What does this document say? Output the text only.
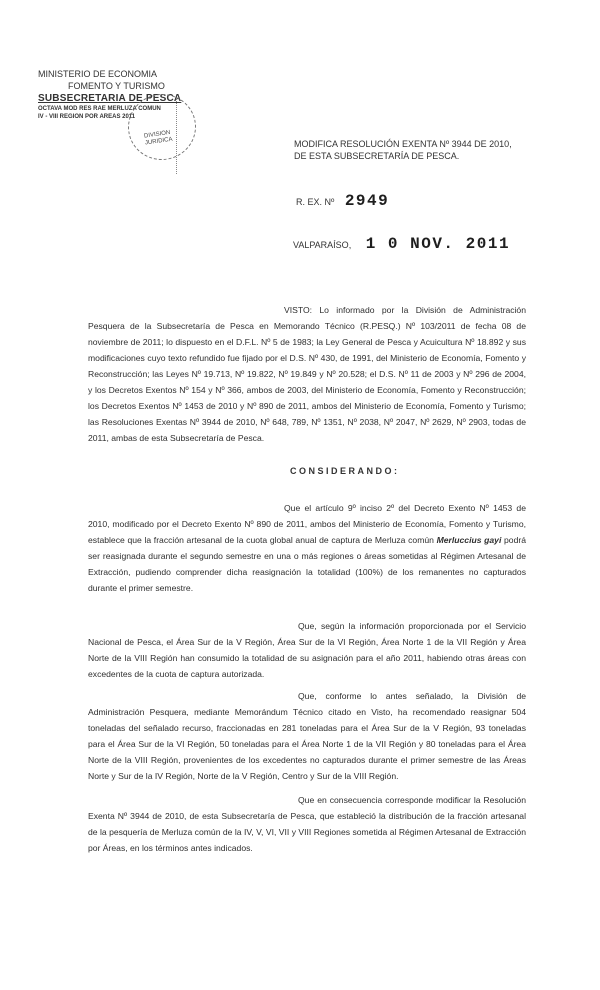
MINISTERIO DE ECONOMIA
FOMENTO Y TURISMO
SUBSECRETARIA DE PESCA
OCTAVA MOD RES RAE MERLUZA COMUN
IV - VIII REGION POR AREAS 2011
DIVISION
JURIDICA	MODIFICA RESOLUCIÓN EXENTA Nº 3944 DE 2010,
DE ESTA SUBSECRETARÍA DE PESCA.
R. EX. Nº 2949
VALPARAÍSO, 1 0 NOV. 2011

VISTO: Lo informado por la División de Administración Pesquera de la Subsecretaría de Pesca en Memorando Técnico (R.PESQ.) Nº 103/2011 de fecha 08 de noviembre de 2011; lo dispuesto en el D.F.L. Nº 5 de 1983; la Ley General de Pesca y Acuicultura Nº 18.892 y sus modificaciones cuyo texto refundido fue fijado por el D.S. Nº 430, de 1991, del Ministerio de Economía, Fomento y Reconstrucción; las Leyes Nº 19.713, Nº 19.822, Nº 19.849 y Nº 20.528; el D.S. Nº 11 de 2003 y Nº 296 de 2004, y los Decretos Exentos Nº 154 y Nº 366, ambos de 2003, del Ministerio de Economía, Fomento y Reconstrucción; los Decretos Exentos Nº 1453 de 2010 y Nº 890 de 2011, ambos del Ministerio de Economía, Fomento y Turismo; las Resoluciones Exentas Nº 3944 de 2010, Nº 648, 789, Nº 1351, Nº 2038, Nº 2047, Nº 2629, Nº 2903, todas de 2011, ambas de esta Subsecretaría de Pesca.

CONSIDERANDO:

Que el artículo 9º inciso 2º del Decreto Exento Nº 1453 de 2010, modificado por el Decreto Exento Nº 890 de 2011, ambos del Ministerio de Economía, Fomento y Turismo, establece que la fracción artesanal de la cuota global anual de captura de Merluza común Merluccius gayi podrá ser reasignada durante el segundo semestre en una o más regiones o áreas sometidas al Régimen Artesanal de Extracción, pudiendo comprender dicha reasignación la totalidad (100%) de los remanentes no capturados durante el primer semestre.

Que, según la información proporcionada por el Servicio Nacional de Pesca, el Área Sur de la V Región, Área Sur de la VI Región, Área Norte 1 de la VII Región y Área Norte de la VIII Región han consumido la totalidad de su asignación para el año 2011, habiendo otras áreas con excedentes de la cuota de captura autorizada.

Que, conforme lo antes señalado, la División de Administración Pesquera, mediante Memorándum Técnico citado en Visto, ha recomendado reasignar 504 toneladas del señalado recurso, fraccionadas en 281 toneladas para el Área Sur de la V Región, 93 toneladas para el Área Sur de la VI Región, 50 toneladas para el Área Norte 1 de la VII Región y 80 toneladas para el Área Norte de la VIII Región, provenientes de los excedentes no capturados durante el primer semestre de las Áreas Norte y Sur de la IV Región, Norte de la V Región, Centro y Sur de la VIII Región.

Que en consecuencia corresponde modificar la Resolución Exenta Nº 3944 de 2010, de esta Subsecretaría de Pesca, que estableció la distribución de la fracción artesanal de la pesquería de Merluza común de la IV, V, VI, VII y VIII Regiones sometida al Régimen Artesanal de Extracción por Áreas, en los términos antes indicados.
